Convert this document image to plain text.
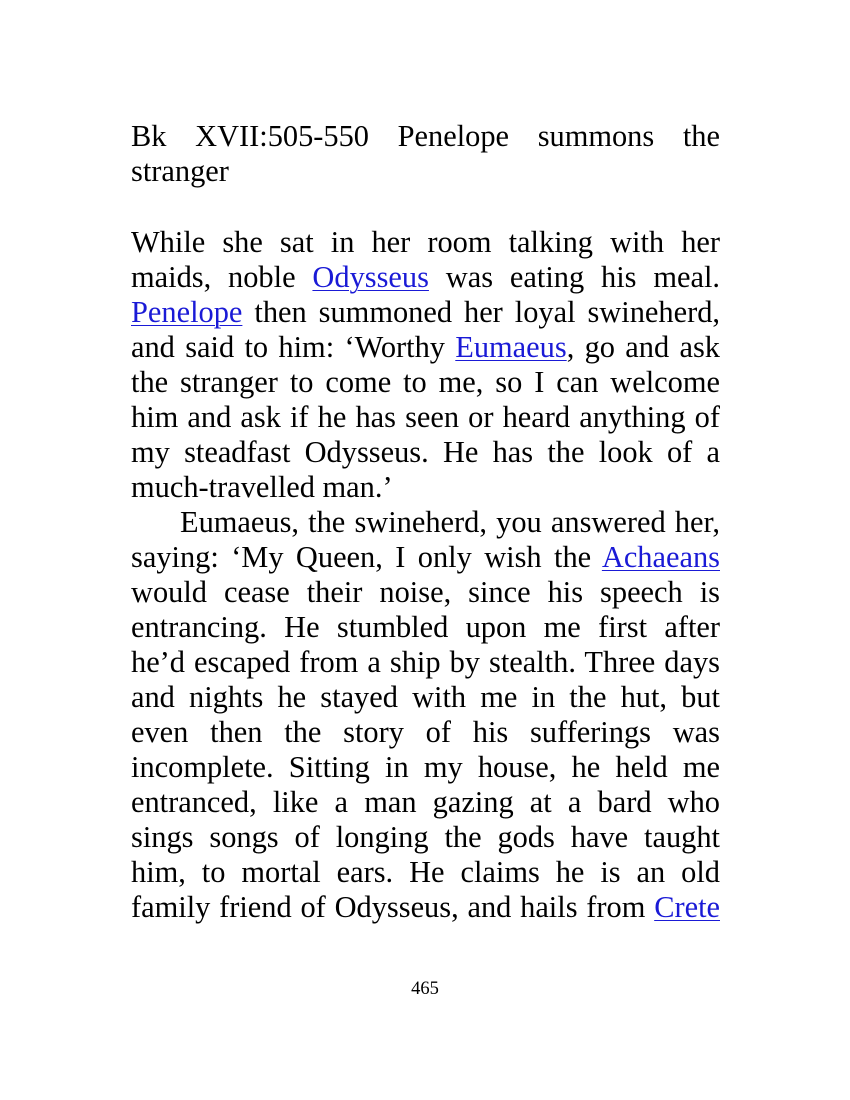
Bk XVII:505-550 Penelope summons the stranger

While she sat in her room talking with her maids, noble Odysseus was eating his meal. Penelope then summoned her loyal swineherd, and said to him: ‘Worthy Eumaeus, go and ask the stranger to come to me, so I can welcome him and ask if he has seen or heard anything of my steadfast Odysseus. He has the look of a much-travelled man.’

Eumaeus, the swineherd, you answered her, saying: ‘My Queen, I only wish the Achaeans would cease their noise, since his speech is entrancing. He stumbled upon me first after he’d escaped from a ship by stealth. Three days and nights he stayed with me in the hut, but even then the story of his sufferings was incomplete. Sitting in my house, he held me entranced, like a man gazing at a bard who sings songs of longing the gods have taught him, to mortal ears. He claims he is an old family friend of Odysseus, and hails from Crete

465
